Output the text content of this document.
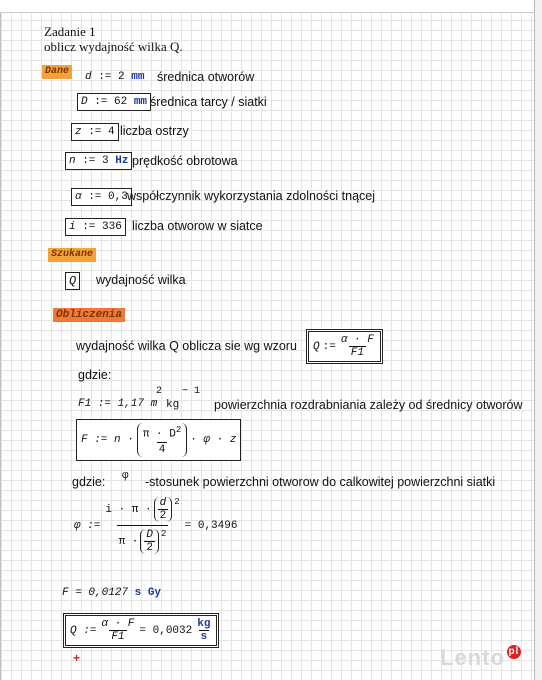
Zadanie 1
oblicz wydajność wilka Q.
Dane d := 2 mm średnica otworów
D := 62 mm średnica tarcy / siatki
z := 4 liczba ostrzy
n := 3 Hz prędkość obrotowa
α := 0,3 współczynnik wykorzystania zdolności tnącej
i := 336 liczba otworow w siatce
Szukane
Q	wydajność wilka
Obliczenia
wydajność wilka Q oblicza sie wg wzoru Q := $\frac{\alpha \cdot F}{F1}$
gdzie:
F1 := 1,17 m
2
kg
− 1
powierzchnia rozdrabniania zależy od średnicy otworów
F := $n \cdot \frac{\pi \cdot D^2}{4} \cdot \varphi \cdot z$
gdzie: φ -stosunek powierzchni otworow do calkowitej powierzchni siatki
φ := $\frac{i \cdot \pi \cdot \frac{d}{2} ^2}{\pi \cdot \frac{D}{2} ^2} = 0,3496$
F = 0,0127 s Gy
Q := $\frac{\alpha \cdot F}{F1} = 0,0032 \frac{kg}{s}$
+	Lento pl
